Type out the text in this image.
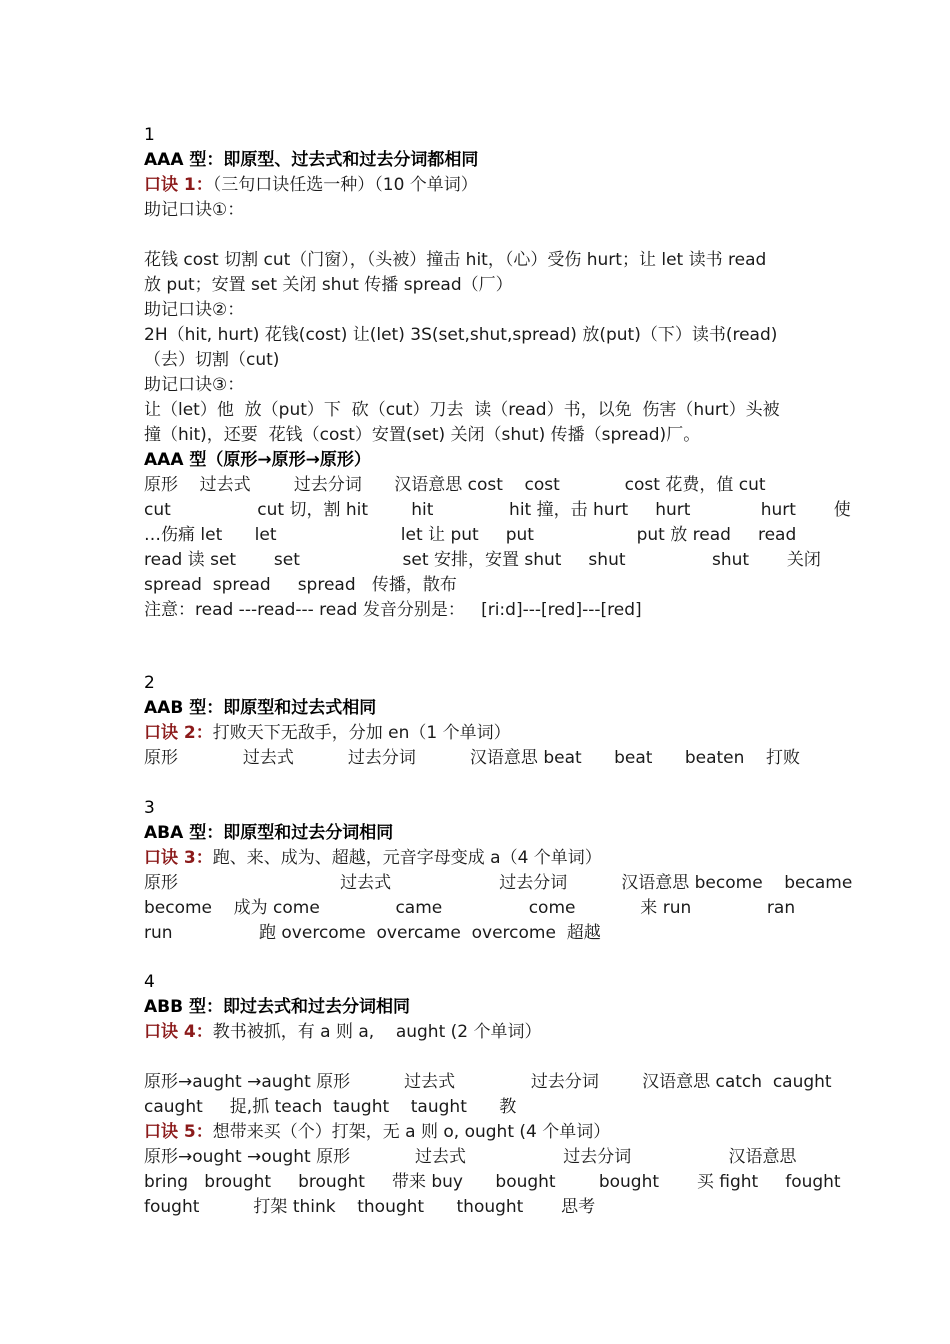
1
AAA 型：即原型、过去式和过去分词都相同
口诀 1：（三句口诀任选一种）（10 个单词）
助记口诀①：
花钱 cost 切割 cut（门窗），（头被）撞击 hit，（心）受伤 hurt；让 let 读书 read
放 put；安置 set 关闭 shut 传播 spread（厂）
助记口诀②：
2H（hit, hurt) 花钱(cost) 让(let) 3S(set,shut,spread) 放(put)（下）读书(read)
（去）切割（cut)
助记口诀③：
让（let）他  放（put）下  砍（cut）刀去  读（read）书，以免  伤害（hurt）头被
撞（hit)，还要  花钱（cost）安置(set) 关闭（shut) 传播（spread)厂。
AAA 型（原形→原形→原形）
原形    过去式        过去分词      汉语意思 cost    cost            cost 花费，值 cut
cut                cut 切，割 hit        hit              hit 撞，击 hurt     hurt             hurt       使
…伤痛 let      let                       let 让 put     put                   put 放 read     read
read 读 set       set                   set 安排，安置 shut     shut                shut       关闭
spread  spread     spread   传播，散布
注意：read ---read--- read 发音分别是：   [ri:d]---[red]---[red]
2
AAB 型：即原型和过去式相同
口诀 2：打败天下无敌手，分加 en（1 个单词）
原形            过去式          过去分词          汉语意思 beat      beat      beaten    打败
3
ABA 型：即原型和过去分词相同
口诀 3：跑、来、成为、超越，元音字母变成 a（4 个单词）
原形                              过去式                    过去分词          汉语意思 become    became
become    成为 come              came                come            来 run              ran
run                跑 overcome  overcame  overcome  超越
4
ABB 型：即过去式和过去分词相同
口诀 4：教书被抓，有 a 则 a,    aught (2 个单词）
原形→aught →aught 原形          过去式              过去分词        汉语意思 catch  caught
caught     捉,抓 teach  taught    taught      教
口诀 5：想带来买（个）打架，无 a 则 o, ought (4 个单词）
原形→ought →ought 原形            过去式                  过去分词                  汉语意思
bring   brought     brought     带来 buy      bought        bought       买 fight     fought
fought          打架 think    thought      thought       思考
